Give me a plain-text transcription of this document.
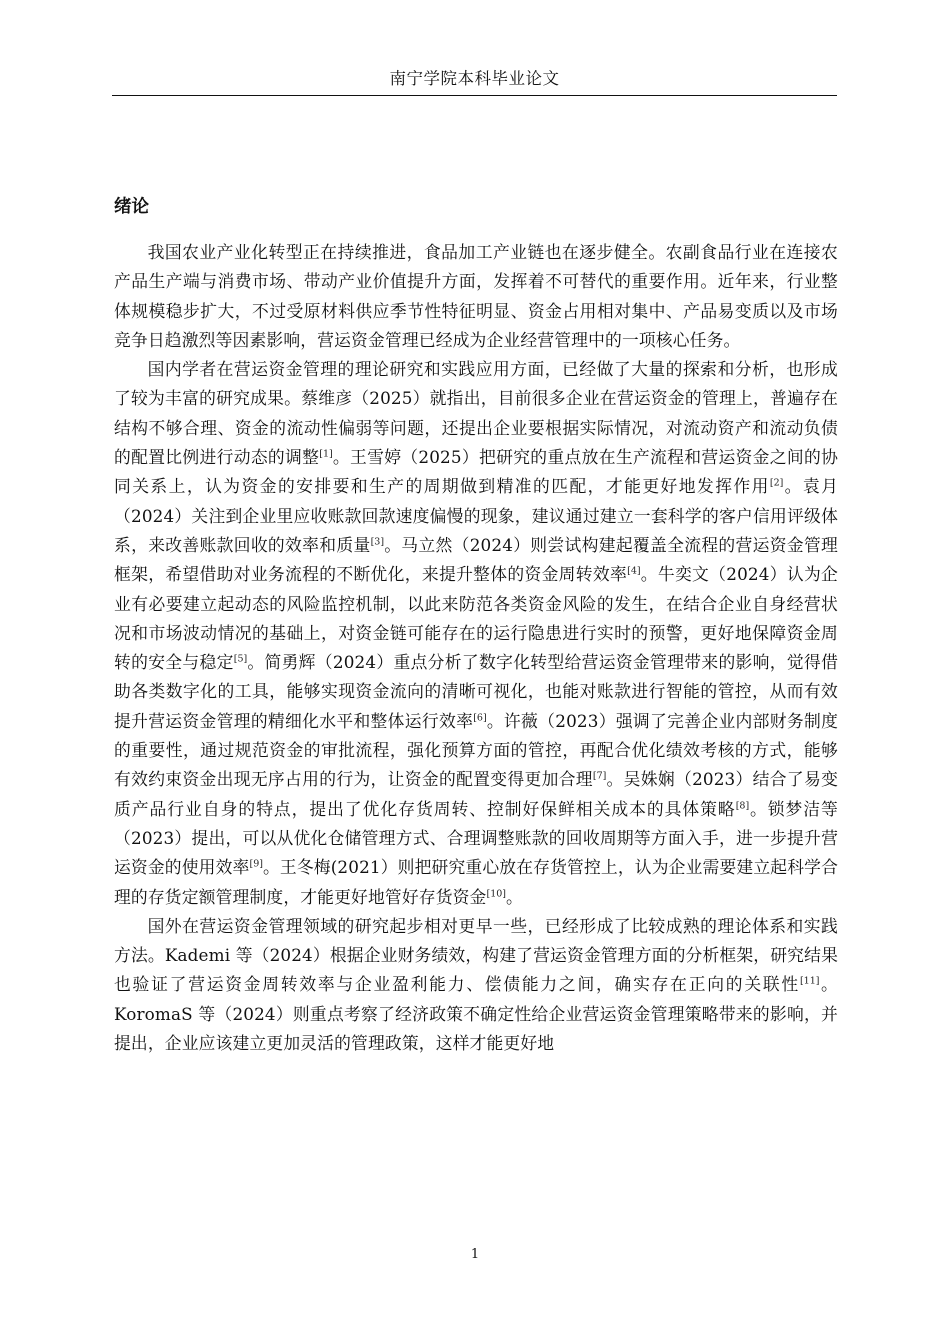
南宁学院本科毕业论文
绪论

我国农业产业化转型正在持续推进，食品加工产业链也在逐步健全。农副食品行业在连接农产品生产端与消费市场、带动产业价值提升方面，发挥着不可替代的重要作用。近年来，行业整体规模稳步扩大，不过受原材料供应季节性特征明显、资金占用相对集中、产品易变质以及市场竞争日趋激烈等因素影响，营运资金管理已经成为企业经营管理中的一项核心任务。

国内学者在营运资金管理的理论研究和实践应用方面，已经做了大量的探索和分析，也形成了较为丰富的研究成果。蔡维彦（2025）就指出，目前很多企业在营运资金的管理上，普遍存在结构不够合理、资金的流动性偏弱等问题，还提出企业要根据实际情况，对流动资产和流动负债的配置比例进行动态的调整[1]。王雪婷（2025）把研究的重点放在生产流程和营运资金之间的协同关系上，认为资金的安排要和生产的周期做到精准的匹配，才能更好地发挥作用[2]。袁月（2024）关注到企业里应收账款回款速度偏慢的现象，建议通过建立一套科学的客户信用评级体系，来改善账款回收的效率和质量[3]。马立然（2024）则尝试构建起覆盖全流程的营运资金管理框架，希望借助对业务流程的不断优化，来提升整体的资金周转效率[4]。牛奕文（2024）认为企业有必要建立起动态的风险监控机制，以此来防范各类资金风险的发生，在结合企业自身经营状况和市场波动情况的基础上，对资金链可能存在的运行隐患进行实时的预警，更好地保障资金周转的安全与稳定[5]。简勇辉（2024）重点分析了数字化转型给营运资金管理带来的影响，觉得借助各类数字化的工具，能够实现资金流向的清晰可视化，也能对账款进行智能的管控，从而有效提升营运资金管理的精细化水平和整体运行效率[6]。许薇（2023）强调了完善企业内部财务制度的重要性，通过规范资金的审批流程，强化预算方面的管控，再配合优化绩效考核的方式，能够有效约束资金出现无序占用的行为，让资金的配置变得更加合理[7]。吴姝娴（2023）结合了易变质产品行业自身的特点，提出了优化存货周转、控制好保鲜相关成本的具体策略[8]。锁梦洁等（2023）提出，可以从优化仓储管理方式、合理调整账款的回收周期等方面入手，进一步提升营运资金的使用效率[9]。王冬梅(2021）则把研究重心放在存货管控上，认为企业需要建立起科学合理的存货定额管理制度，才能更好地管好存货资金[10]。

国外在营运资金管理领域的研究起步相对更早一些，已经形成了比较成熟的理论体系和实践方法。Kademi 等（2024）根据企业财务绩效，构建了营运资金管理方面的分析框架，研究结果也验证了营运资金周转效率与企业盈利能力、偿债能力之间，确实存在正向的关联性[11]。KoromaS 等（2024）则重点考察了经济政策不确定性给企业营运资金管理策略带来的影响，并提出，企业应该建立更加灵活的管理政策，这样才能更好地

1
